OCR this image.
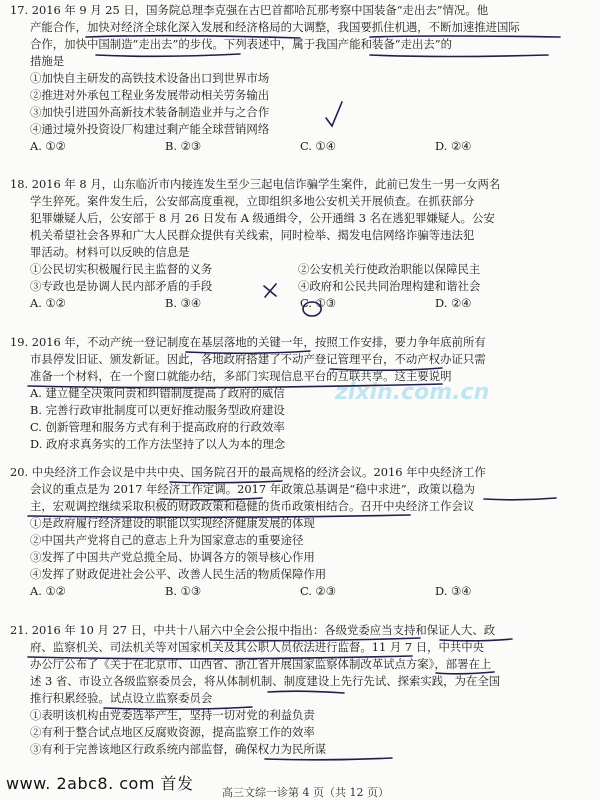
17. 2016 年 9 月 25 日，国务院总理李克强在古巴首都哈瓦那考察中国装备“走出去”情况。他

产能合作，加快对经济全球化深入发展和经济格局的大调整，我国要抓住机遇，不断加速推进国际

合作，加快中国制造“走出去”的步伐。下列表述中，属于我国产能和装备“走出去”的

措施是

①加快自主研发的高铁技术设备出口到世界市场

②推进对外承包工程业务发展带动相关劳务输出

③加快引进国外高新技术装备制造业并与之合作

④通过境外投资设厂构建过剩产能全球营销网络

A. ①②	B. ②③	C. ①④	D. ②④

18. 2016 年 8 月，山东临沂市内接连发生至少三起电信诈骗学生案件，此前已发生一男一女两名

学生猝死。案件发生后，公安部高度重视，立即组织多地公安机关开展侦查。在抓获部分

犯罪嫌疑人后，公安部于 8 月 26 日发布 A 级通缉令，公开通缉 3 名在逃犯罪嫌疑人。公安

机关希望社会各界和广大人民群众提供有关线索，同时检举、揭发电信网络诈骗等违法犯

罪活动。材料可以反映的信息是

①公民切实积极履行民主监督的义务	②公安机关行使政治职能以保障民主
③专政也是协调人民内部矛盾的手段	④政府和公民共同治理构建和谐社会
A. ①②	B. ③④	C. ①③	D. ②④

19. 2016 年，不动产统一登记制度在基层落地的关键一年，按照工作安排，要力争年底前所有

市县停发旧证、颁发新证。因此，各地政府搭建了不动产登记管理平台，不动产权办证只需

准备一个材料，在一个窗口就能办结，多部门实现信息平台的互联共享。这主要说明

A. 建立健全决策问责和纠错制度提高了政府的威信

B. 完善行政审批制度可以更好推动服务型政府建设

C. 创新管理和服务方式有利于提高政府的行政效率

D. 政府求真务实的工作方法坚持了以人为本的理念

20. 中央经济工作会议是中共中央、国务院召开的最高规格的经济会议。2016 年中央经济工作

会议的重点是为 2017 年经济工作定调。2017 年政策总基调是“稳中求进”，政策以稳为

主，宏观调控继续采取积极的财政政策和稳健的货币政策相结合。召开中央经济工作会议

①是政府履行经济建设的职能以实现经济健康发展的体现

②中国共产党将自己的意志上升为国家意志的重要途径

③发挥了中国共产党总揽全局、协调各方的领导核心作用

④发挥了财政促进社会公平、改善人民生活的物质保障作用

A. ①②	B. ①③	C. ②③	D. ③④

21. 2016 年 10 月 27 日，中共十八届六中全会公报中指出：各级党委应当支持和保证人大、政

府、监察机关、司法机关等对国家机关及其公职人员依法进行监督。11 月 7 日，中共中央

办公厅公布了《关于在北京市、山西省、浙江省开展国家监察体制改革试点方案》，部署在上

述 3 省、市设立各级监察委员会，将从体制机制、制度建设上先行先试、探索实践，为在全国

推行积累经验。试点设立监察委员会

①表明该机构由党委选举产生，坚持一切对党的利益负责

②有利于整合试点地区反腐败资源，提高监察工作的效率

③有利于完善该地区行政系统内部监督，确保权力为民所谋

zixin.com.cn
www. 2abc8. com 首发	高三文综一诊第 4 页（共 12 页）
